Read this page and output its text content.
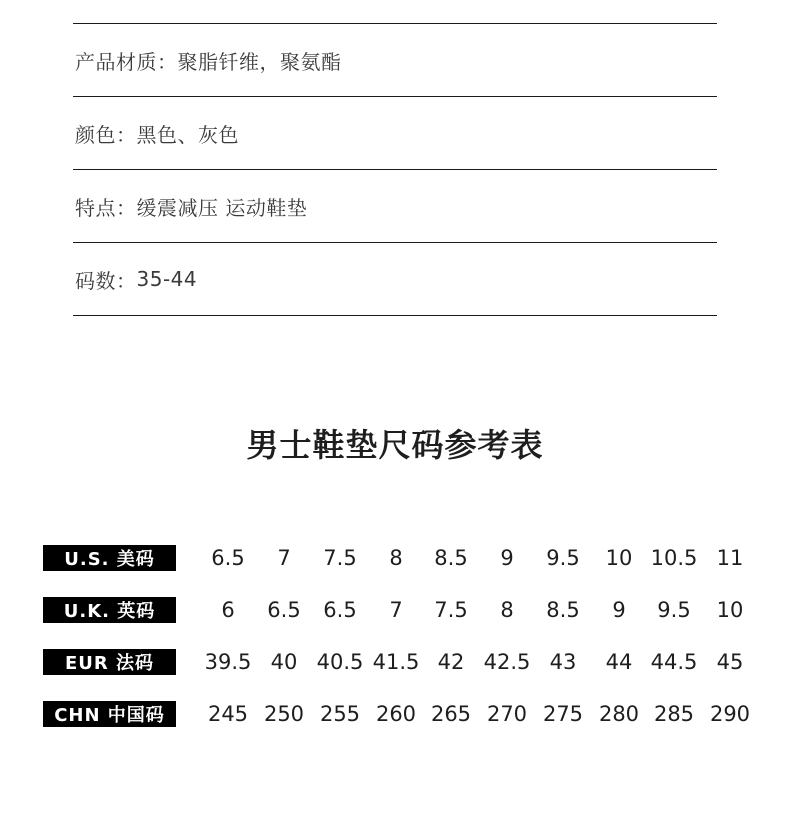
产品材质： 聚脂钎维，聚氨酯
颜色： 黑色、灰色
特点： 缓震减压 运动鞋垫
码数： 35-44
男士鞋垫尺码参考表
U.S. 美码	6.5	7	7.5	8	8.5	9	9.5	10 10.5 11
U.K. 英码	6	6.5	6.5	7	7.5	8	8.5	9	9.5	10
EUR 法码	39.5 40 40.5 41.5 42 42.5 43	44 44.5 45
CHN 中国码	245 250 255 260 265 270 275 280 285 290
